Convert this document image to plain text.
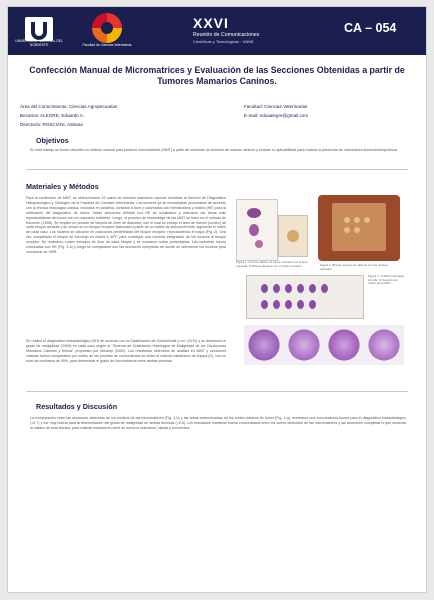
UNIVERSIDAD NACIONAL DEL NORDESTE	Facultad de Ciencias Veterinarias
XXVI
Reunión de Comunicaciones
Científicas y Tecnológicas · UNNE
CA – 054
Confección Manual de Micromatrices y Evaluación de las Secciones Obtenidas a partir de Tumores Mamarios Caninos.
Área del Conocimiento: Ciencias Agropecuarias
Becarios: ALEGRE, Eduardo A.
Director/a: ROSCIANI, Adriana
Facultad: Ciencias Veterinarias
E-mail: eduaalegre@gmail.com
Objetivos
En este trabajo se buscó describir un método manual para producir micromatrices (MMT) a partir de muestras de tumores de mamas caninos y evaluar su aplicabilidad para evaluar la presencia de marcadores inmunohistoquímicos.
Materiales y Métodos
Para la confección de MMT, se seleccionaron 22 casos de tumores mamarios caninos remitidos al Servicio de Diagnóstico Histopatológico y Citológico de la Facultad de Ciencias Veterinarias. Los tumores ya se encontraban procesados de acuerdo con la técnica histológica clásica, incluidos en parafina, cortados a 5um y coloreados con hematoxilina y eosina (HE) para la realización del diagnóstico de rutina. Sobre secciones teñidas con HE se localizaron y marcaron las áreas más representativas del tumor con un marcador indeleble. Luego, el proceso de ensamblaje de las MMT se basó en el método de Kononen (1998). Se empleó un punzón de biopsia de 2mm de diámetro, con el cual se extrajo el área de interés (núcleo) de cada bloque donante y se colocó en un bloque receptor elaborado a partir de un molde de silicona flexible, siguiendo el orden de cada caso. Los núcleos se ubicaron en posiciones predefinidas del bloque receptor, reproduciendo el mapa (Fig. 2). Una vez completado el bloque se introdujo en estufa a 40ºC para conseguir una correcta integración de los núcleos al bloque receptor. Se realizaron cortes seriados de 5um de cada bloque y se montaron sobre portaobjetos. Las muestras fueron coloreadas con HE (Fig. 3-a) y luego se compararon con las secciones completas de donde se obtuvieron los núcleos para corroborar su VMR.
Se realizó el diagnóstico histopatológico (DH) de acuerdo con la Clasificación de Goldschmidt y col. (2011) y se determinó el grado de malignidad (GHM) en cada caso según el "Sistema de Graduación Histológica de Malignidad de los Carcinomas Mamarios Caninos y felinos" propuesto por Misdorp (2002). Los resultados obtenidos de análisis en MMT y secciones clásicas fueron comparados por medio de las pruebas de concordancia se utilizó el método estadístico de Kappa (K), con un nivel de confianza de 95%, para determinar el grado de concordancia entre ambas pruebas.
Figura 1. a) Corte clásico de tumor mamario con el área marcada. b) Bloque donante con el núcleo extraído.	Figura 2. Bloque receptor de silicona con los núcleos ubicados.
Figura 3. a) MMT coloreada con HE. b) Sección del núcleo de la MMT.
Resultados y Discusión
La comparación entre las secciones obtenidas de los núcleos de las micromatrices (Fig. 3-b) y las áreas seleccionadas de los cortes clásicos de tumor (Fig. 1-a), mostraron una concordancia buena para el diagnóstico histopatológico (=0,7) y fue muy buena para la determinación del grado de malignidad en ambas técnicas (=0,8). Los resultados muestran buena concordancia entre los cortes obtenidos de las micromatrices y las secciones completas lo que sustenta la validez de esta técnica, para realizar estudios en serie de tumores mamarios, rápida y económica.
